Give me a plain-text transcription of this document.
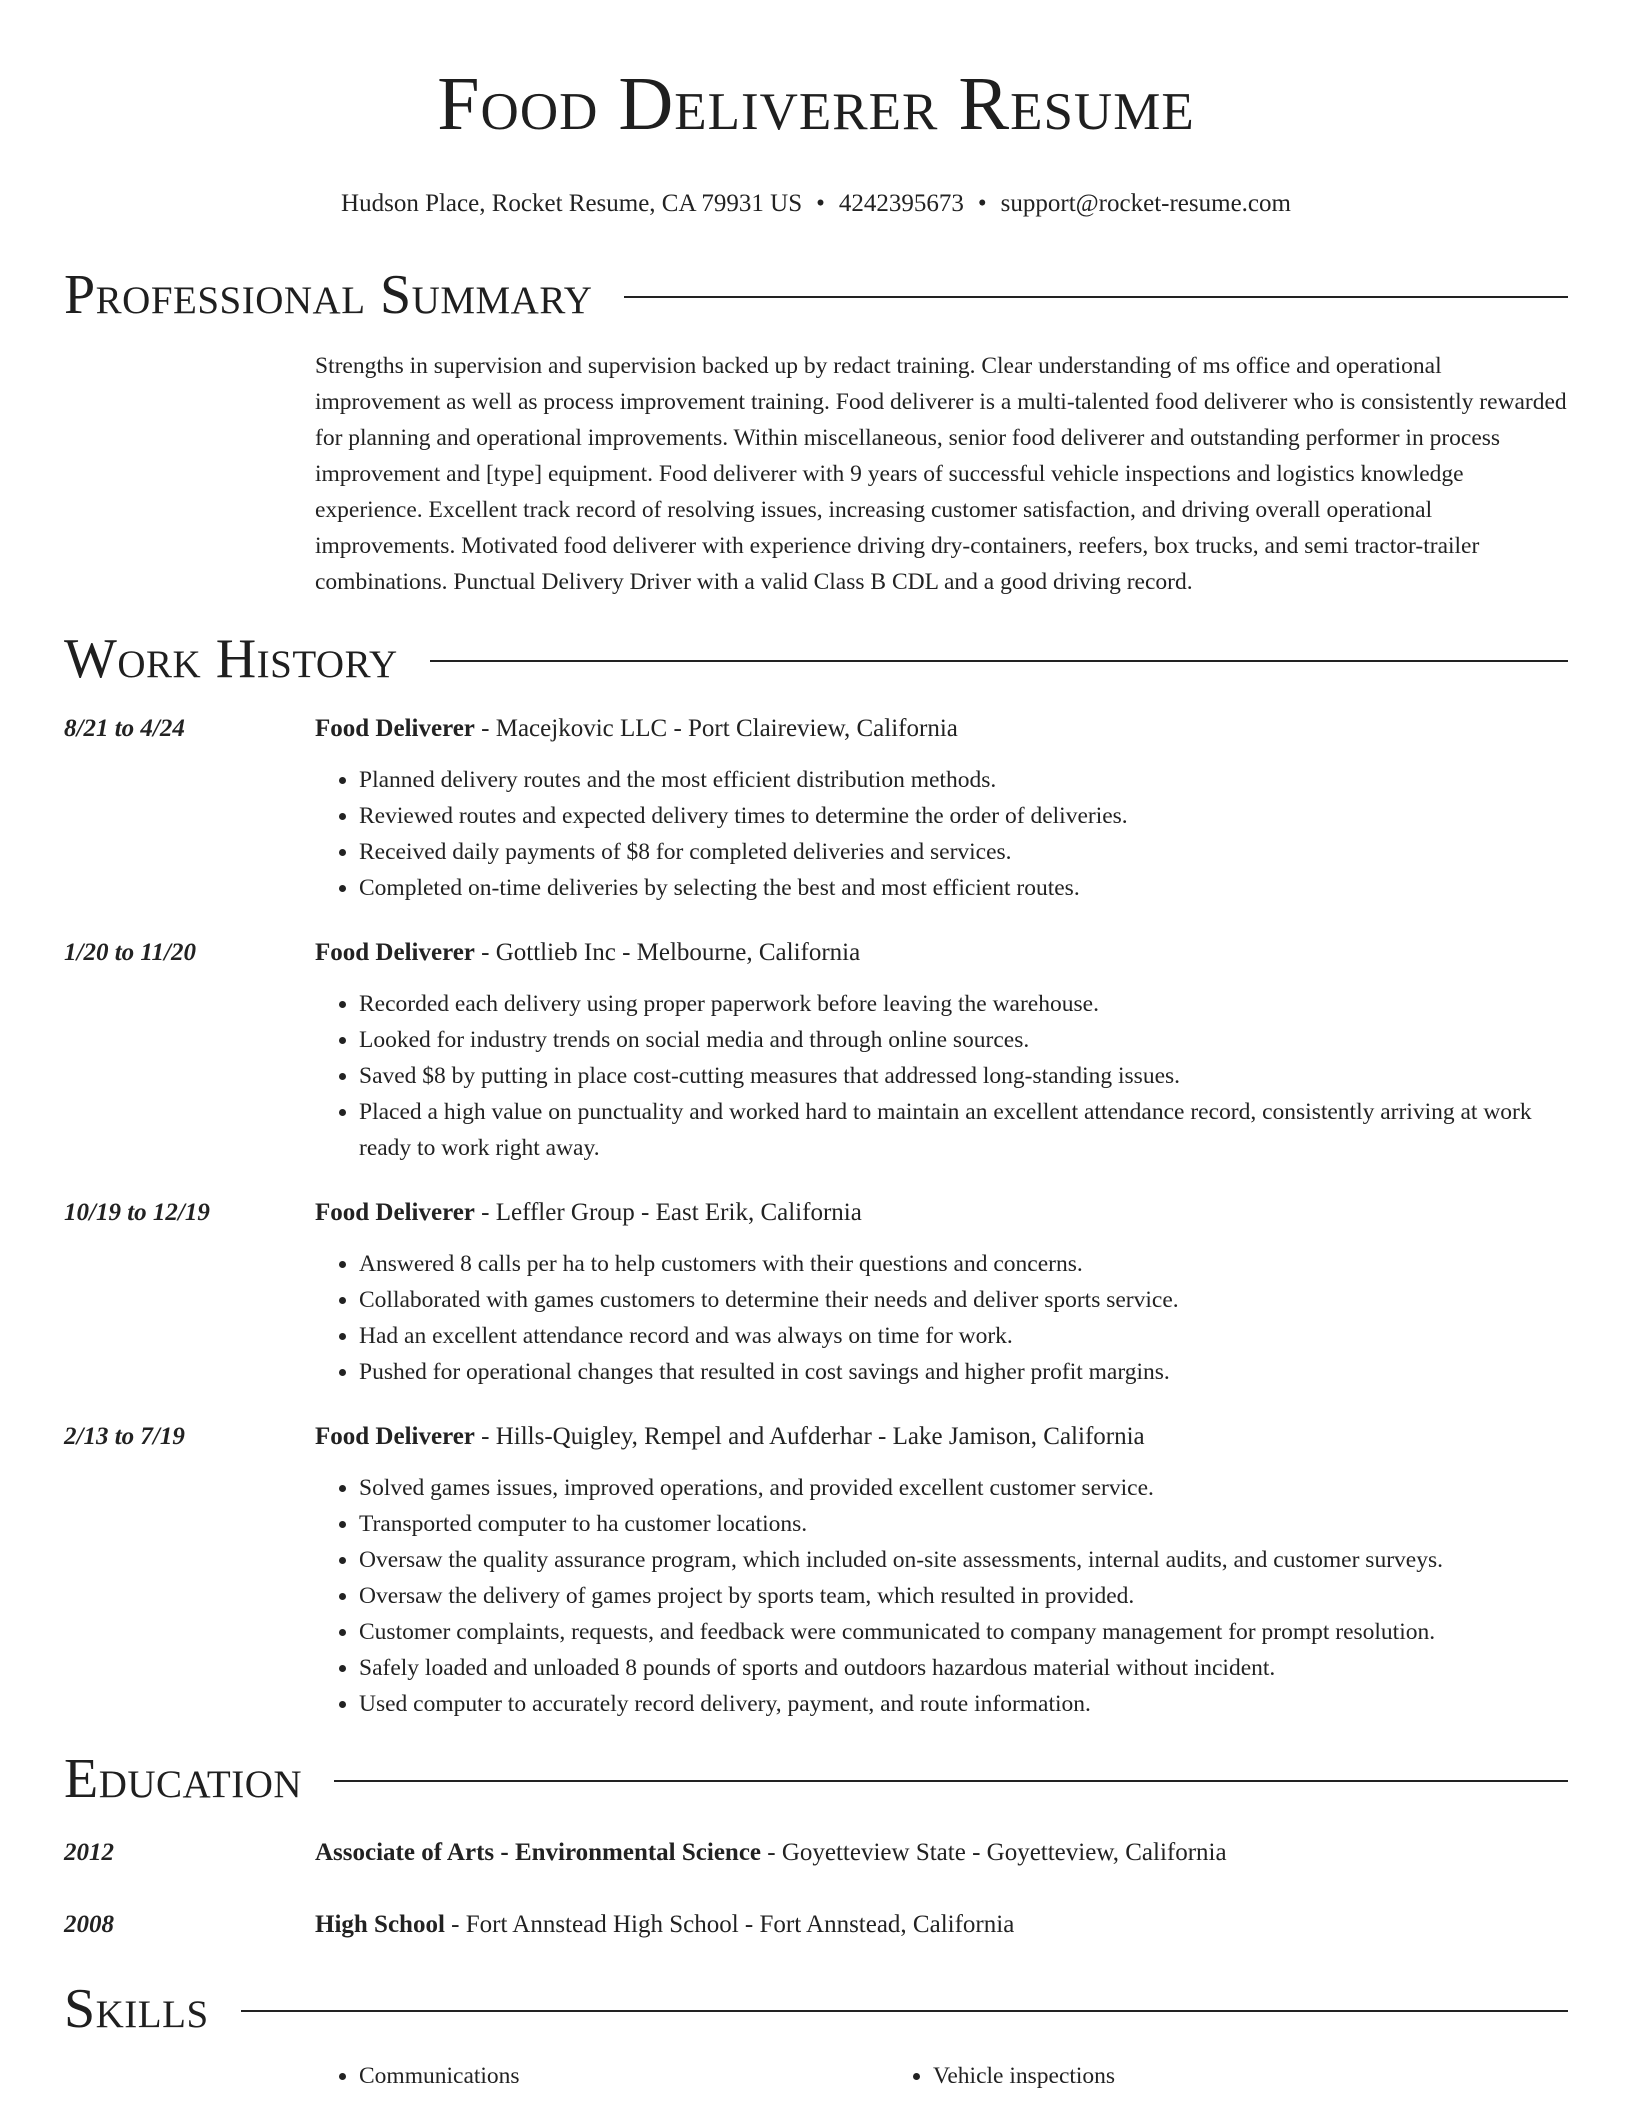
Food Deliverer Resume
Hudson Place, Rocket Resume, CA 79931 US • 4242395673 • support@rocket-resume.com
Professional Summary
Strengths in supervision and supervision backed up by redact training. Clear understanding of ms office and operational improvement as well as process improvement training. Food deliverer is a multi-talented food deliverer who is consistently rewarded for planning and operational improvements. Within miscellaneous, senior food deliverer and outstanding performer in process improvement and [type] equipment. Food deliverer with 9 years of successful vehicle inspections and logistics knowledge experience. Excellent track record of resolving issues, increasing customer satisfaction, and driving overall operational improvements. Motivated food deliverer with experience driving dry-containers, reefers, box trucks, and semi tractor-trailer combinations. Punctual Delivery Driver with a valid Class B CDL and a good driving record.
Work History
8/21 to 4/24	Food Deliverer - Macejkovic LLC - Port Claireview, California
• Planned delivery routes and the most efficient distribution methods.
• Reviewed routes and expected delivery times to determine the order of deliveries.
• Received daily payments of $8 for completed deliveries and services.
• Completed on-time deliveries by selecting the best and most efficient routes.
1/20 to 11/20	Food Deliverer - Gottlieb Inc - Melbourne, California
• Recorded each delivery using proper paperwork before leaving the warehouse.
• Looked for industry trends on social media and through online sources.
• Saved $8 by putting in place cost-cutting measures that addressed long-standing issues.
• Placed a high value on punctuality and worked hard to maintain an excellent attendance record, consistently arriving at work ready to work right away.
10/19 to 12/19	Food Deliverer - Leffler Group - East Erik, California
• Answered 8 calls per ha to help customers with their questions and concerns.
• Collaborated with games customers to determine their needs and deliver sports service.
• Had an excellent attendance record and was always on time for work.
• Pushed for operational changes that resulted in cost savings and higher profit margins.
2/13 to 7/19	Food Deliverer - Hills-Quigley, Rempel and Aufderhar - Lake Jamison, California
• Solved games issues, improved operations, and provided excellent customer service.
• Transported computer to ha customer locations.
• Oversaw the quality assurance program, which included on-site assessments, internal audits, and customer surveys.
• Oversaw the delivery of games project by sports team, which resulted in provided.
• Customer complaints, requests, and feedback were communicated to company management for prompt resolution.
• Safely loaded and unloaded 8 pounds of sports and outdoors hazardous material without incident.
• Used computer to accurately record delivery, payment, and route information.
Education
2012	Associate of Arts - Environmental Science - Goyetteview State - Goyetteview, California
2008	High School - Fort Annstead High School - Fort Annstead, California
Skills
• Communications
•	Vehicle inspections
